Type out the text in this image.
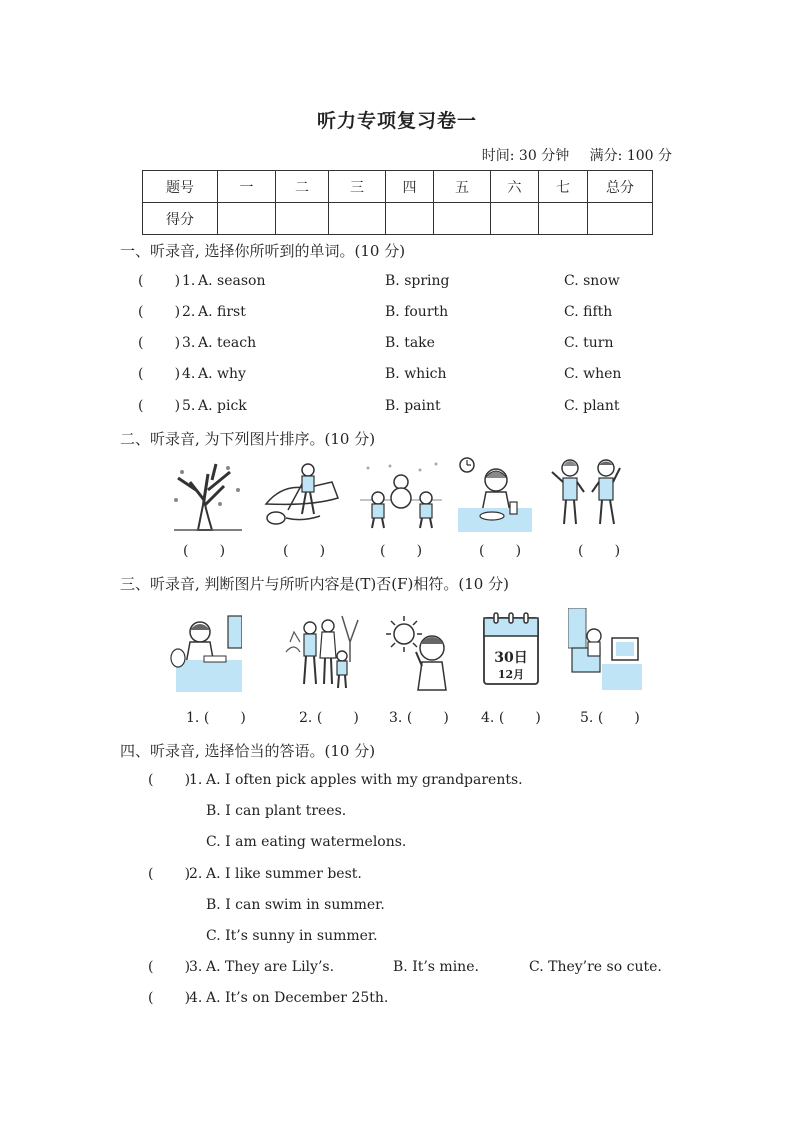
听力专项复习卷一
时间: 30 分钟 满分: 100 分
题号	一	二	三	四	五	六	七	总分
得分								
一、听录音, 选择你所听到的单词。(10 分)
(       ) 1. A. season	B. spring	C. snow
(       ) 2. A. first	B. fourth	C. fifth
(       ) 3. A. teach	B. take	C. turn
(       ) 4. A. why	B. which	C. when
(       ) 5. A. pick	B. paint	C. plant
二、听录音, 为下列图片排序。(10 分)
(       )	(       )	(       )	(       )	(       )
三、听录音, 判断图片与所听内容是(T)否(F)相符。(10 分)
30日
12月
1. (       )	2. (       ) 3. (       ) 4. (       )	5. (       )
四、听录音, 选择恰当的答语。(10 分)
(       )
1. A. I often pick apples with my grandparents.
B. I can plant trees.
C. I am eating watermelons.
(       )
2. A. I like summer best.
B. I can swim in summer.
C. It’s sunny in summer.
(       )
3. A. They are Lily’s.	B. It’s mine.	C. They’re so cute.
(       )
4. A. It’s on December 25th.
